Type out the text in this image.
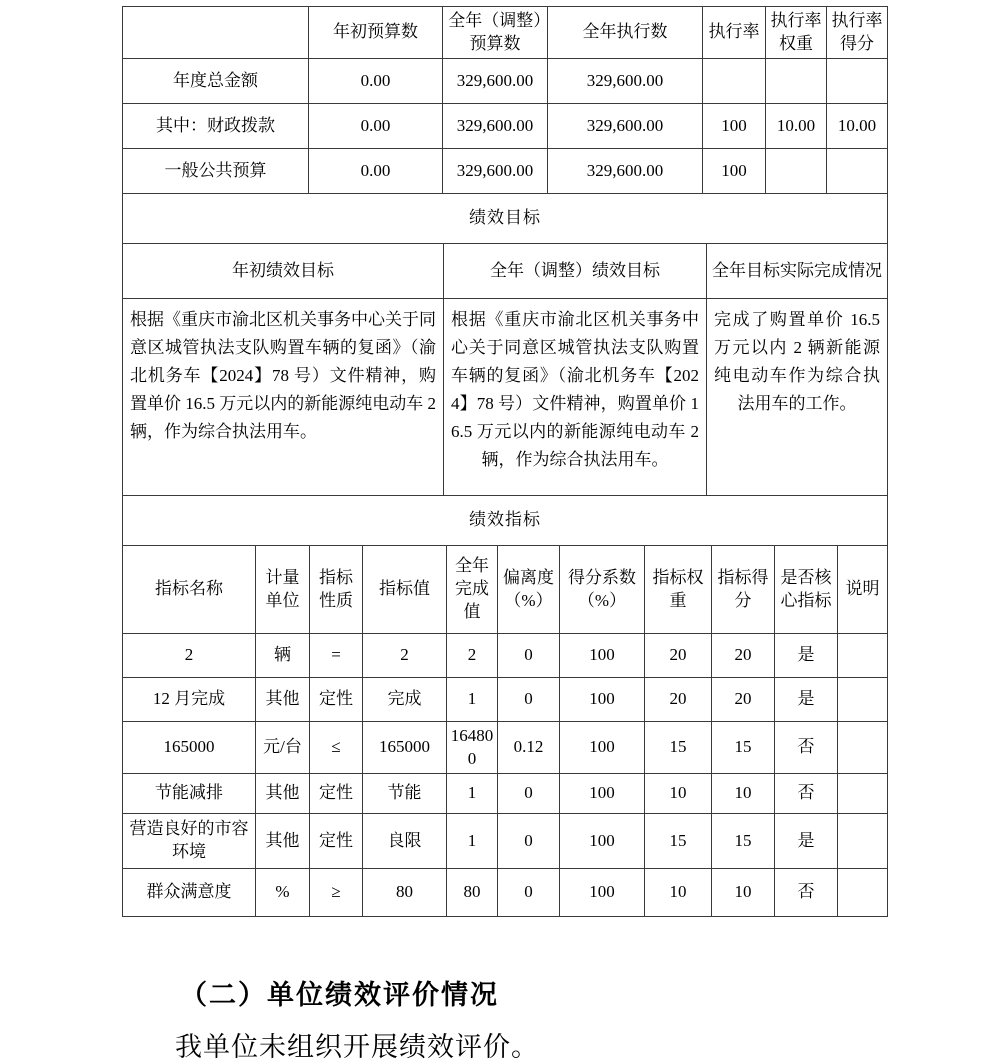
	年初预算数	全年（调整）预算数	全年执行数	执行率	执行率权重	执行率得分
年度总金额	0.00	329,600.00	329,600.00			
其中：财政拨款	0.00	329,600.00	329,600.00	100	10.00	10.00
一般公共预算	0.00	329,600.00	329,600.00	100		
绩效目标		
年初绩效目标	全年（调整）绩效目标	全年目标实际完成情况
根据《重庆市渝北区机关事务中心关于同意区城管执法支队购置车辆的复函》（渝北机务车【2024】78 号）文件精神，购置单价 16.5 万元以内的新能源纯电动车 2 辆，作为综合执法用车。	根据《重庆市渝北区机关事务中心关于同意区城管执法支队购置车辆的复函》（渝北机务车【2024】78 号）文件精神，购置单价 16.5 万元以内的新能源纯电动车 2 辆，作为综合执法用车。	完成了购置单价 16.5 万元以内 2 辆新能源纯电动车作为综合执法用车的工作。
绩效指标										
指标名称	计量单位	指标性质	指标值	全年完成值	偏离度（%）	得分系数（%）	指标权重	指标得分	是否核心指标	说明
2	辆	=	2	2	0	100	20	20	是	
12 月完成	其他	定性	完成	1	0	100	20	20	是	
165000	元/台	≤	165000	164800	0.12	100	15	15	否	
节能减排	其他	定性	节能	1	0	100	10	10	否	
营造良好的市容环境	其他	定性	良限	1	0	100	15	15	是	
群众满意度	%	≥	80	80	0	100	10	10	否	
（二）单位绩效评价情况
我单位未组织开展绩效评价。
